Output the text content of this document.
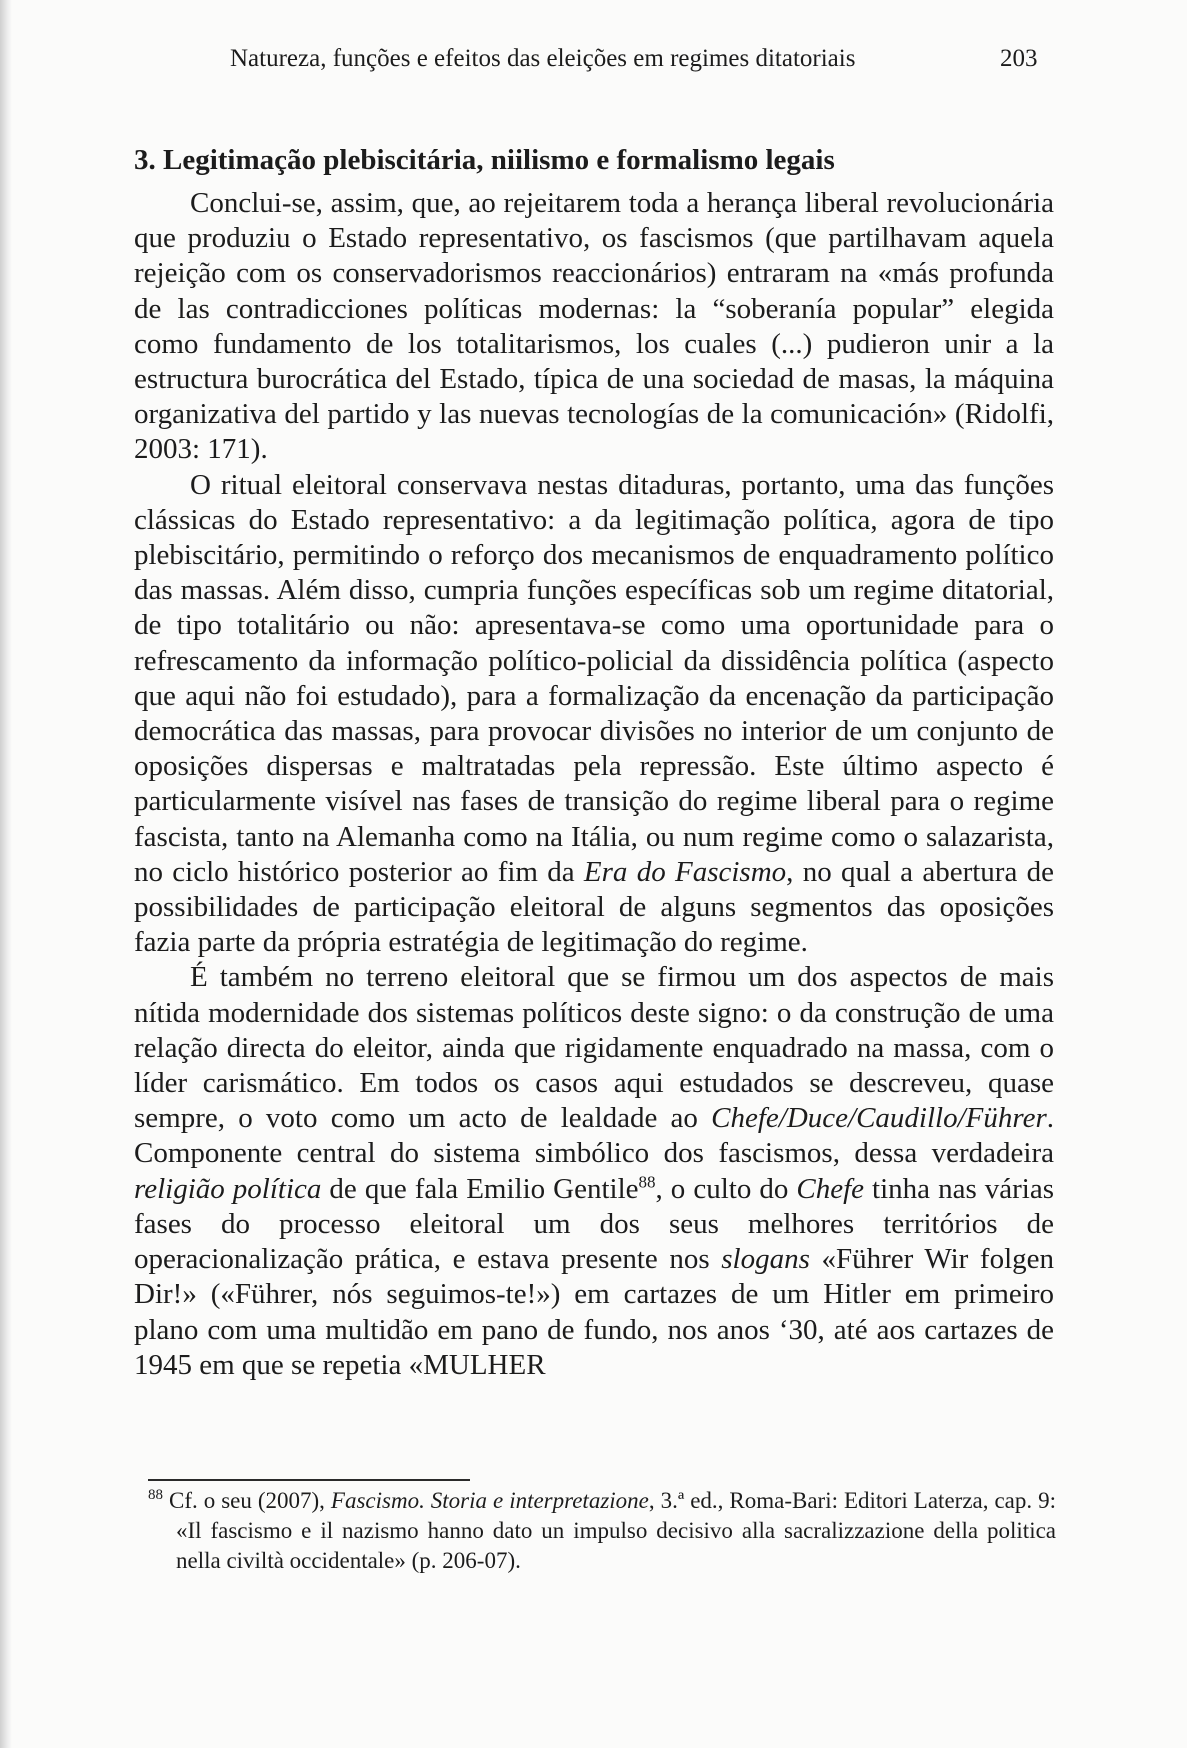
Natureza, funções e efeitos das eleições em regimes ditatoriais	203
3. Legitimação plebiscitária, niilismo e formalismo legais

Conclui-se, assim, que, ao rejeitarem toda a herança liberal revolucionária que produziu o Estado representativo, os fascismos (que partilhavam aquela rejeição com os conservadorismos reaccionários) entraram na «más profunda de las contradicciones políticas modernas: la “soberanía popular” elegida como fundamento de los totalitarismos, los cuales (...) pudieron unir a la estructura burocrática del Estado, típica de una sociedad de masas, la máquina organizativa del partido y las nuevas tecnologías de la comunicación» (Ridolfi, 2003: 171).

O ritual eleitoral conservava nestas ditaduras, portanto, uma das funções clássicas do Estado representativo: a da legitimação política, agora de tipo plebiscitário, permitindo o reforço dos mecanismos de enquadramento político das massas. Além disso, cumpria funções específicas sob um regime ditatorial, de tipo totalitário ou não: apresentava-se como uma oportunidade para o refrescamento da informação político-policial da dissidência política (aspecto que aqui não foi estudado), para a formalização da encenação da participação democrática das massas, para provocar divisões no interior de um conjunto de oposições dispersas e maltratadas pela repressão. Este último aspecto é particularmente visível nas fases de transição do regime liberal para o regime fascista, tanto na Alemanha como na Itália, ou num regime como o salazarista, no ciclo histórico posterior ao fim da Era do Fascismo, no qual a abertura de possibilidades de participação eleitoral de alguns segmentos das oposições fazia parte da própria estratégia de legitimação do regime.

É também no terreno eleitoral que se firmou um dos aspectos de mais nítida modernidade dos sistemas políticos deste signo: o da construção de uma relação directa do eleitor, ainda que rigidamente enquadrado na massa, com o líder carismático. Em todos os casos aqui estudados se descreveu, quase sempre, o voto como um acto de lealdade ao Chefe/Duce/Caudillo/Führer. Componente central do sistema simbólico dos fascismos, dessa verdadeira religião política de que fala Emilio Gentile$^{88}$, o culto do Chefe tinha nas várias fases do processo eleitoral um dos seus melhores territórios de operacionalização prática, e estava presente nos slogans «Führer Wir folgen Dir!» («Führer, nós seguimos-te!») em cartazes de um Hitler em primeiro plano com uma multidão em pano de fundo, nos anos ‘30, até aos cartazes de 1945 em que se repetia «MULHER

$^{88}$ Cf. o seu (2007), Fascismo. Storia e interpretazione, 3.ª ed., Roma-Bari: Editori Laterza, cap. 9: «Il fascismo e il nazismo hanno dato un impulso decisivo alla sacralizzazione della politica nella civiltà occidentale» (p. 206-07).
